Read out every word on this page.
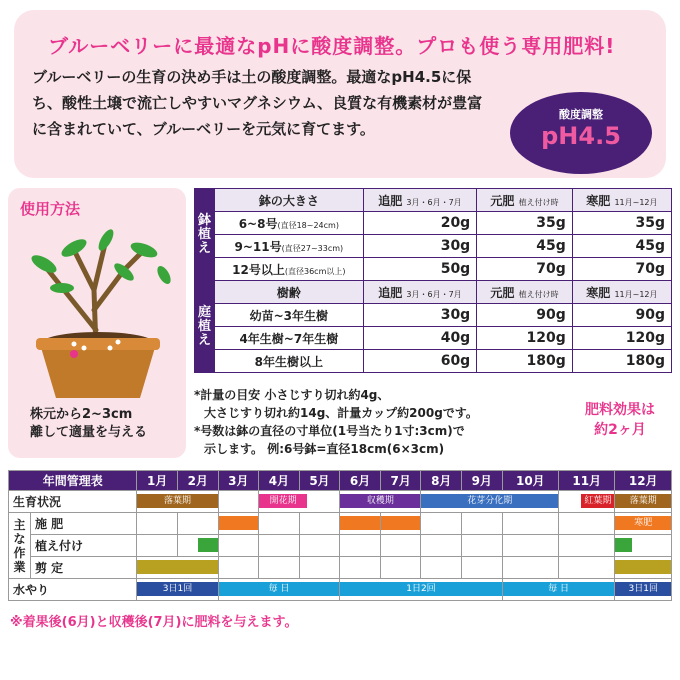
ブルーベリーに最適なpHに酸度調整。プロも使う専用肥料!
ブルーベリーの生育の決め手は土の酸度調整。最適なpH4.5に保ち、酸性土壌で流亡しやすいマグネシウム、良質な有機素材が豊富に含まれていて、ブルーベリーを元気に育てます。
酸度調整
pH4.5
使用方法
株元から2~3cm
離して適量を与える
鉢植え	鉢の大きさ	追肥 3月・6月・7月	元肥 植え付け時	寒肥 11月~12月
	6~8号(直径18~24cm)	20g	35g	35g
	9~11号(直径27~33cm)	30g	45g	45g
	12号以上(直径36cm以上)	50g	70g	70g
庭植え	樹齢	追肥 3月・6月・7月	元肥 植え付け時	寒肥 11月~12月
	幼苗~3年生樹	30g	90g	90g
	4年生樹~7年生樹	40g	120g	120g
	8年生樹以上	60g	180g	180g
*計量の目安 小さじすり切れ約4g、
大さじすり切れ約14g、計量カップ約200gです。
*号数は鉢の直径の寸単位(1号当たり1寸:3cm)で
示します。 例:6号鉢=直径18cm(6×3cm)
肥料効果は
約2ヶ月
年間管理表		1月	2月	3月	4月	5月	6月	7月	8月	9月	10月	11月	12月
生育状況		落葉期			開花期		収穫期		花芽分化期			紅葉期	落葉期

主な作業	施 肥												寒肥

	植え付け		

	剪 定		

水やり		3日1回		毎 日			1日2回				毎 日		3日1回
※着果後(6月)と収穫後(7月)に肥料を与えます。
